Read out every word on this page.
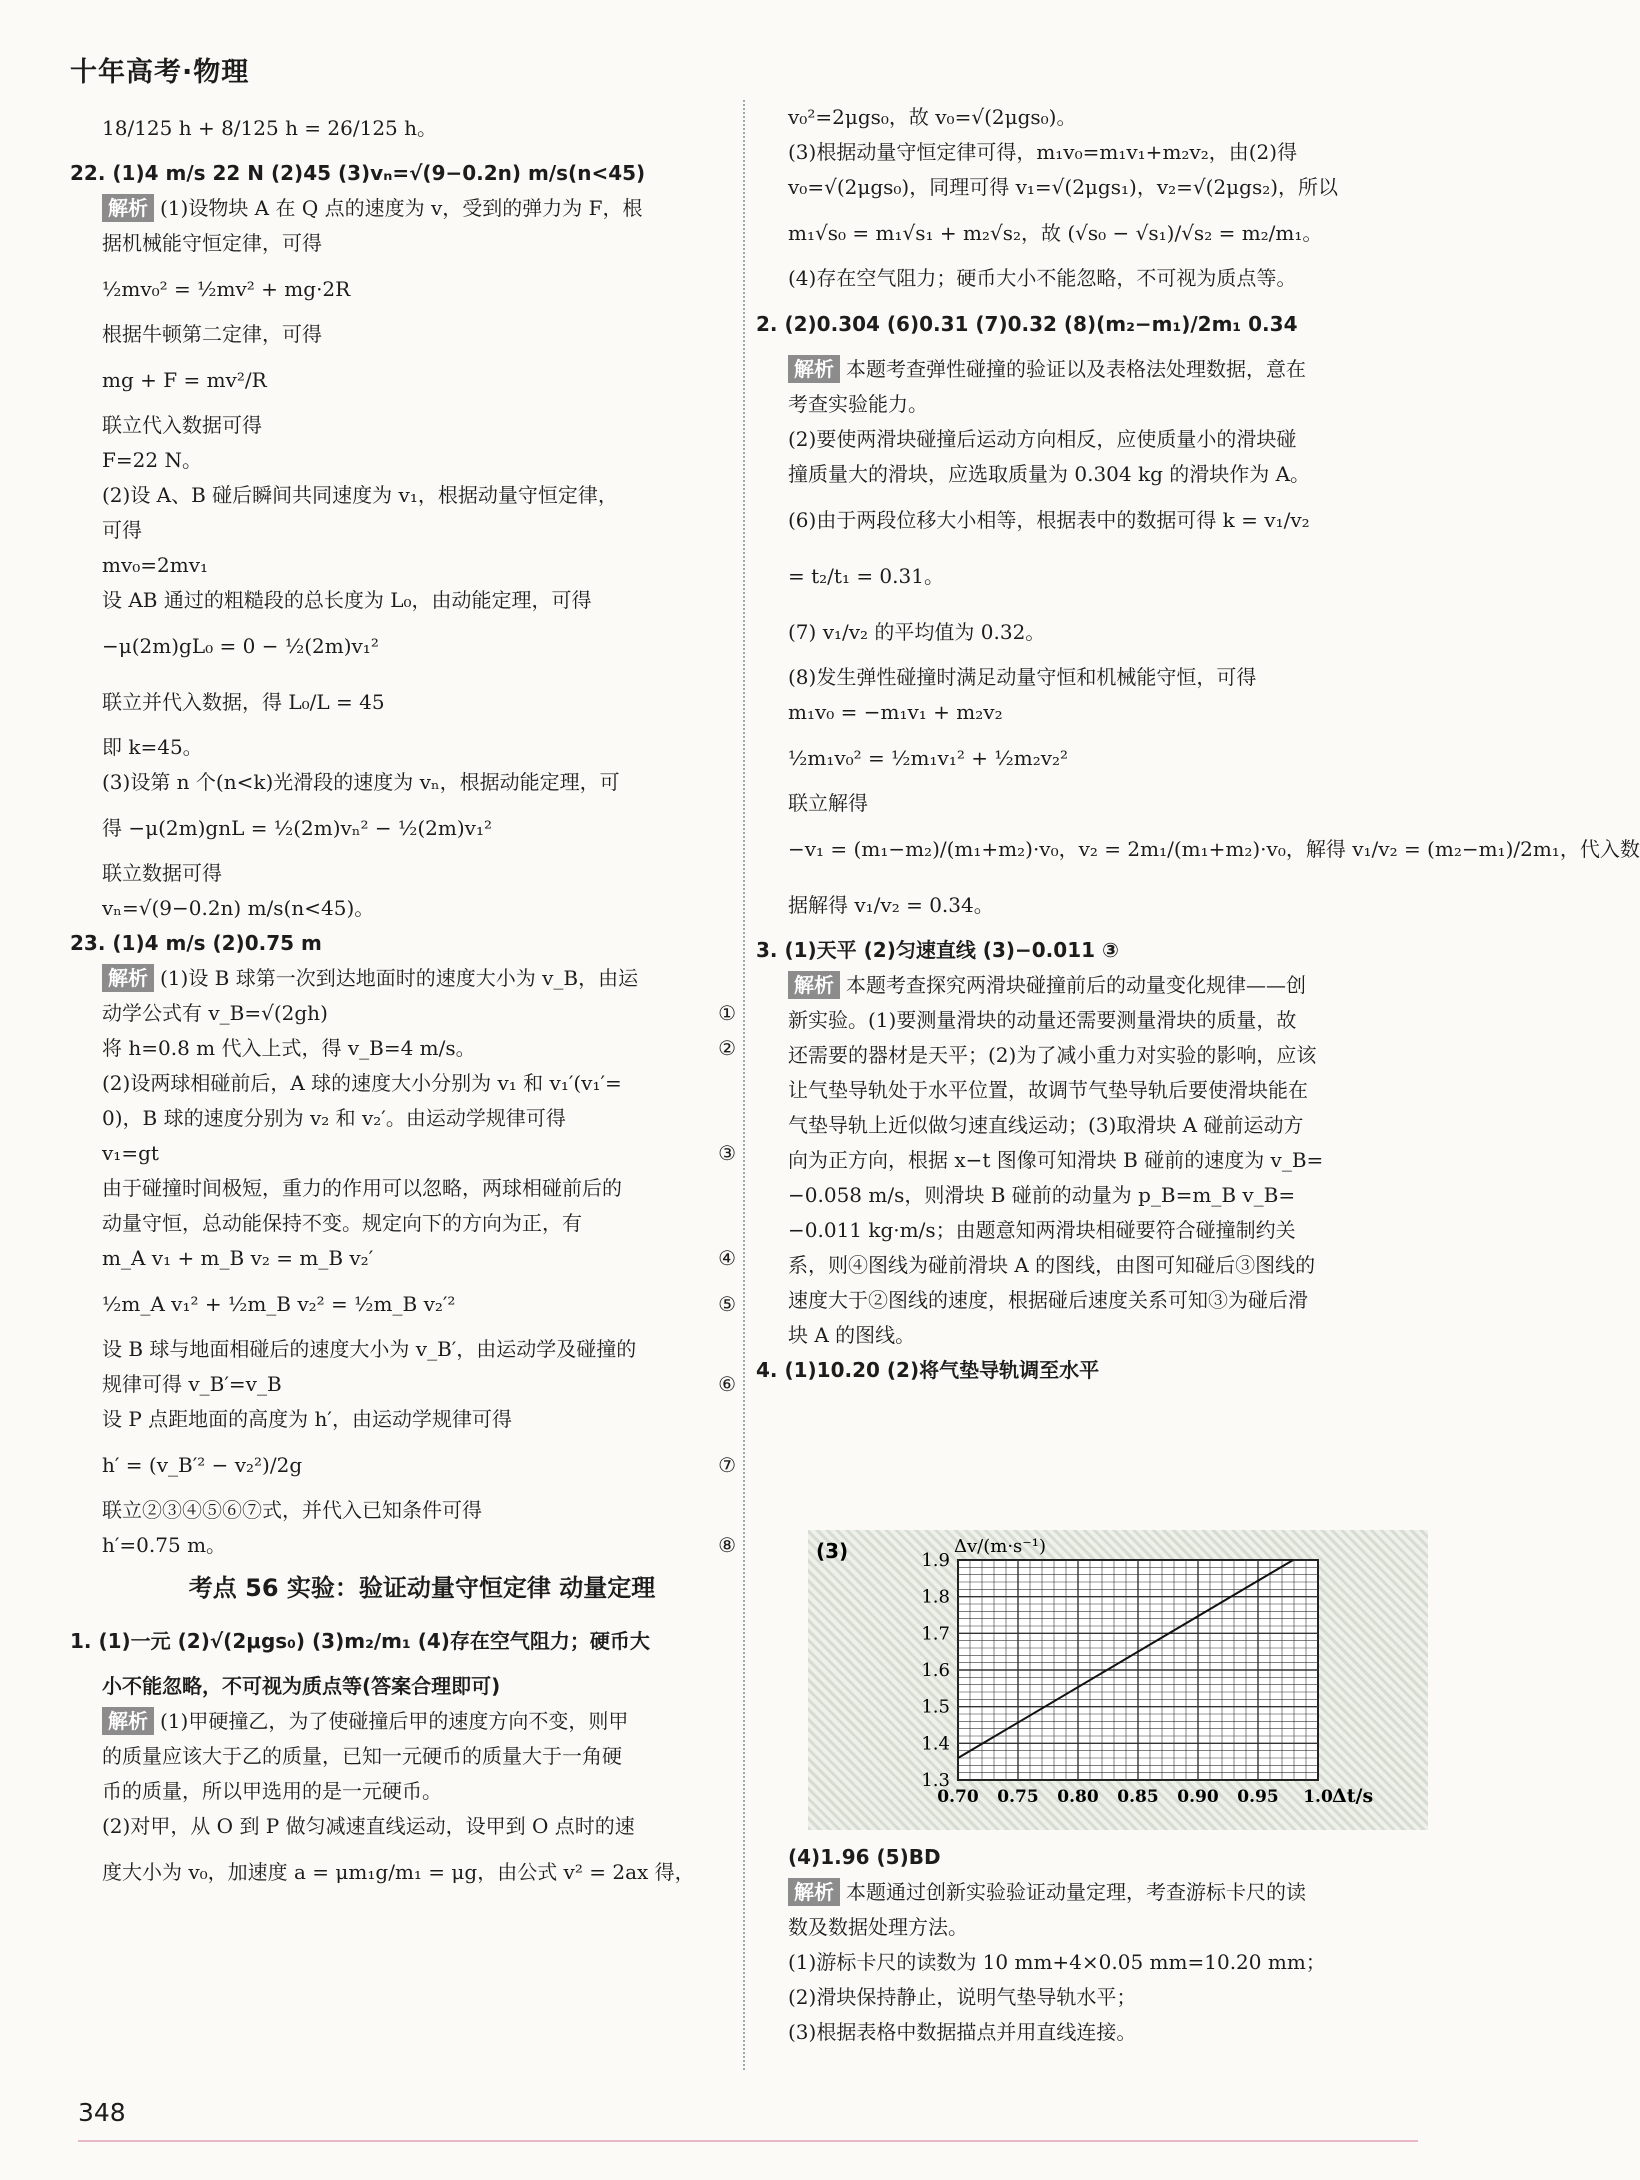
十年高考·物理
18/125 h + 8/125 h = 26/125 h。
22. (1)4 m/s 22 N (2)45 (3)vₙ=√(9−0.2n) m/s(n<45)
解析 (1)设物块 A 在 Q 点的速度为 v，受到的弹力为 F，根
据机械能守恒定律，可得
½mv₀² = ½mv² + mg·2R
根据牛顿第二定律，可得
mg + F = mv²/R
联立代入数据可得
F=22 N。
(2)设 A、B 碰后瞬间共同速度为 v₁，根据动量守恒定律，
可得
mv₀=2mv₁
设 AB 通过的粗糙段的总长度为 L₀，由动能定理，可得
−μ(2m)gL₀ = 0 − ½(2m)v₁²
联立并代入数据，得 L₀/L = 45
即 k=45。
(3)设第 n 个(n<k)光滑段的速度为 vₙ，根据动能定理，可
得 −μ(2m)gnL = ½(2m)vₙ² − ½(2m)v₁²
联立数据可得
vₙ=√(9−0.2n) m/s(n<45)。
23. (1)4 m/s (2)0.75 m
解析 (1)设 B 球第一次到达地面时的速度大小为 v_B，由运
动学公式有 v_B=√(2gh)	①
将 h=0.8 m 代入上式，得 v_B=4 m/s。	②
(2)设两球相碰前后，A 球的速度大小分别为 v₁ 和 v₁′(v₁′=
0)，B 球的速度分别为 v₂ 和 v₂′。由运动学规律可得
v₁=gt	③
由于碰撞时间极短，重力的作用可以忽略，两球相碰前后的
动量守恒，总动能保持不变。规定向下的方向为正，有
m_A v₁ + m_B v₂ = m_B v₂′	④
½m_A v₁² + ½m_B v₂² = ½m_B v₂′²	⑤
设 B 球与地面相碰后的速度大小为 v_B′，由运动学及碰撞的
规律可得 v_B′=v_B	⑥
设 P 点距地面的高度为 h′，由运动学规律可得
h′ = (v_B′² − v₂²)/2g	⑦
联立②③④⑤⑥⑦式，并代入已知条件可得
h′=0.75 m。	⑧
考点 56 实验：验证动量守恒定律 动量定理
1. (1)一元 (2)√(2μgs₀) (3)m₂/m₁ (4)存在空气阻力；硬币大
小不能忽略，不可视为质点等(答案合理即可)
解析 (1)甲硬撞乙，为了使碰撞后甲的速度方向不变，则甲
的质量应该大于乙的质量，已知一元硬币的质量大于一角硬
币的质量，所以甲选用的是一元硬币。
(2)对甲，从 O 到 P 做匀减速直线运动，设甲到 O 点时的速
度大小为 v₀，加速度 a = μm₁g/m₁ = μg，由公式 v² = 2ax 得，
v₀²=2μgs₀，故 v₀=√(2μgs₀)。
(3)根据动量守恒定律可得，m₁v₀=m₁v₁+m₂v₂，由(2)得
v₀=√(2μgs₀)，同理可得 v₁=√(2μgs₁)，v₂=√(2μgs₂)，所以
m₁√s₀ = m₁√s₁ + m₂√s₂，故 (√s₀ − √s₁)/√s₂ = m₂/m₁。
(4)存在空气阻力；硬币大小不能忽略，不可视为质点等。
2. (2)0.304 (6)0.31 (7)0.32 (8)(m₂−m₁)/2m₁ 0.34
解析 本题考查弹性碰撞的验证以及表格法处理数据，意在
考查实验能力。
(2)要使两滑块碰撞后运动方向相反，应使质量小的滑块碰
撞质量大的滑块，应选取质量为 0.304 kg 的滑块作为 A。
(6)由于两段位移大小相等，根据表中的数据可得 k = v₁/v₂
= t₂/t₁ = 0.31。
(7) v₁/v₂ 的平均值为 0.32。
(8)发生弹性碰撞时满足动量守恒和机械能守恒，可得
m₁v₀ = −m₁v₁ + m₂v₂
½m₁v₀² = ½m₁v₁² + ½m₂v₂²
联立解得
−v₁ = (m₁−m₂)/(m₁+m₂)·v₀，v₂ = 2m₁/(m₁+m₂)·v₀，解得 v₁/v₂ = (m₂−m₁)/2m₁，代入数
据解得 v₁/v₂ = 0.34。
3. (1)天平 (2)匀速直线 (3)−0.011 ③
解析 本题考查探究两滑块碰撞前后的动量变化规律——创
新实验。(1)要测量滑块的动量还需要测量滑块的质量，故
还需要的器材是天平；(2)为了减小重力对实验的影响，应该
让气垫导轨处于水平位置，故调节气垫导轨后要使滑块能在
气垫导轨上近似做匀速直线运动；(3)取滑块 A 碰前运动方
向为正方向，根据 x−t 图像可知滑块 B 碰前的速度为 v_B=
−0.058 m/s，则滑块 B 碰前的动量为 p_B=m_B v_B=
−0.011 kg·m/s；由题意知两滑块相碰要符合碰撞制约关
系，则④图线为碰前滑块 A 的图线，由图可知碰后③图线的
速度大于②图线的速度，根据碰后速度关系可知③为碰后滑
块 A 的图线。
4. (1)10.20 (2)将气垫导轨调至水平
1.9
1.8
1.7
1.6
1.5
1.4
1.3
0.70 0.75 0.80 0.85 0.90 0.95 1.0
Δv/(m·s⁻¹)
Δt/s
(3)
(4)1.96 (5)BD
解析 本题通过创新实验验证动量定理，考查游标卡尺的读
数及数据处理方法。
(1)游标卡尺的读数为 10 mm+4×0.05 mm=10.20 mm；
(2)滑块保持静止，说明气垫导轨水平；
(3)根据表格中数据描点并用直线连接。
348
